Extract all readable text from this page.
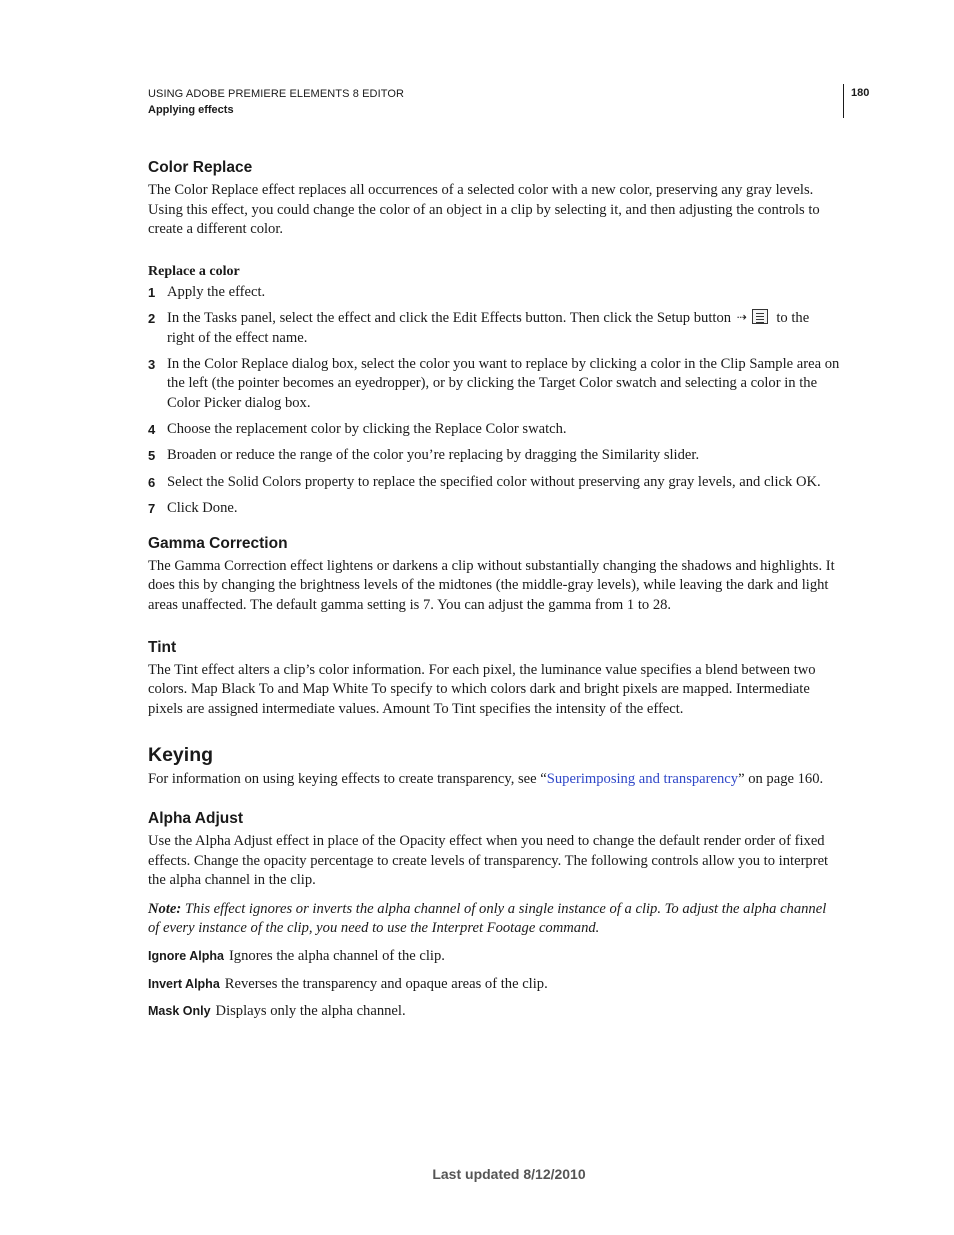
USING ADOBE PREMIERE ELEMENTS 8 EDITOR
Applying effects
180
Color Replace

The Color Replace effect replaces all occurrences of a selected color with a new color, preserving any gray levels. Using this effect, you could change the color of an object in a clip by selecting it, and then adjusting the controls to create a different color.

Replace a color
1 Apply the effect.
2 In the Tasks panel, select the effect and click the Edit Effects button. Then click the Setup button ⇢ to the right of the effect name.
3 In the Color Replace dialog box, select the color you want to replace by clicking a color in the Clip Sample area on the left (the pointer becomes an eyedropper), or by clicking the Target Color swatch and selecting a color in the Color Picker dialog box.
4 Choose the replacement color by clicking the Replace Color swatch.
5 Broaden or reduce the range of the color you’re replacing by dragging the Similarity slider.
6 Select the Solid Colors property to replace the specified color without preserving any gray levels, and click OK.
7 Click Done.
Gamma Correction

The Gamma Correction effect lightens or darkens a clip without substantially changing the shadows and highlights. It does this by changing the brightness levels of the midtones (the middle-gray levels), while leaving the dark and light areas unaffected. The default gamma setting is 7. You can adjust the gamma from 1 to 28.

Tint

The Tint effect alters a clip’s color information. For each pixel, the luminance value specifies a blend between two colors. Map Black To and Map White To specify to which colors dark and bright pixels are mapped. Intermediate pixels are assigned intermediate values. Amount To Tint specifies the intensity of the effect.

Keying

For information on using keying effects to create transparency, see “Superimposing and transparency” on page 160.

Alpha Adjust

Use the Alpha Adjust effect in place of the Opacity effect when you need to change the default render order of fixed effects. Change the opacity percentage to create levels of transparency. The following controls allow you to interpret the alpha channel in the clip.

Note: This effect ignores or inverts the alpha channel of only a single instance of a clip. To adjust the alpha channel of every instance of the clip, you need to use the Interpret Footage command.

Ignore Alpha Ignores the alpha channel of the clip.

Invert Alpha Reverses the transparency and opaque areas of the clip.

Mask Only Displays only the alpha channel.

Last updated 8/12/2010
